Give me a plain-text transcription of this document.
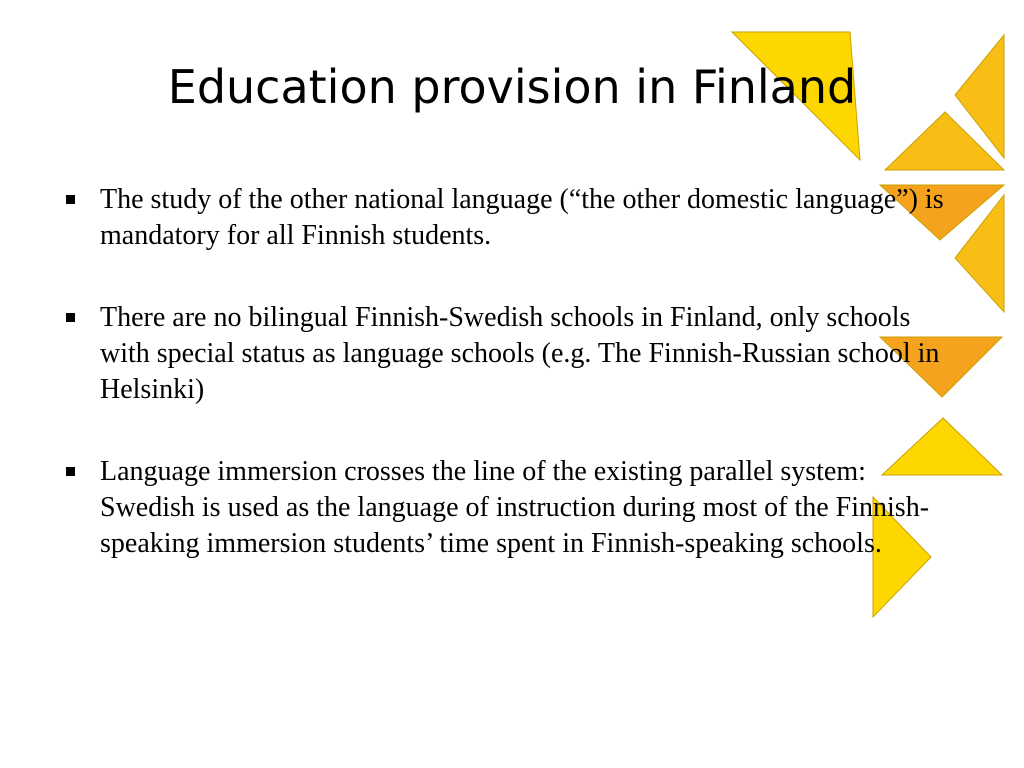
Education provision in Finland
The study of the other national language (“the other domestic language”) is mandatory for all Finnish students.
There are no bilingual Finnish-Swedish schools in Finland, only schools with special status as language schools (e.g. The Finnish-Russian school in Helsinki)
Language immersion crosses the line of the existing parallel system: Swedish is used as the language of instruction during most of the Finnish-speaking immersion students’ time spent in Finnish-speaking schools.
